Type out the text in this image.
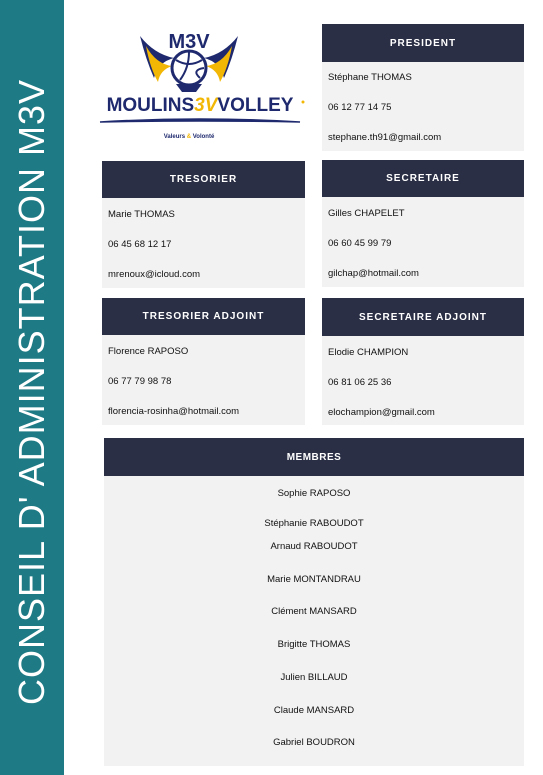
CONSEIL D' ADMINISTRATION M3V
M3V
MOULINS3VVOLLEY
Valeurs & Volonté
PRESIDENT
Stéphane THOMAS
06 12 77 14 75
stephane.th91@gmail.com
TRESORIER
Marie THOMAS
06 45 68 12 17
mrenoux@icloud.com
SECRETAIRE
Gilles CHAPELET
06 60 45 99 79
gilchap@hotmail.com
TRESORIER ADJOINT
Florence RAPOSO
06 77 79 98 78
florencia-rosinha@hotmail.com
SECRETAIRE ADJOINT
Elodie CHAMPION
06 81 06 25 36
elochampion@gmail.com
MEMBRES
Sophie RAPOSO
Stéphanie RABOUDOT
Arnaud RABOUDOT
Marie MONTANDRAU
Clément MANSARD
Brigitte THOMAS
Julien BILLAUD
Claude MANSARD
Gabriel BOUDRON
